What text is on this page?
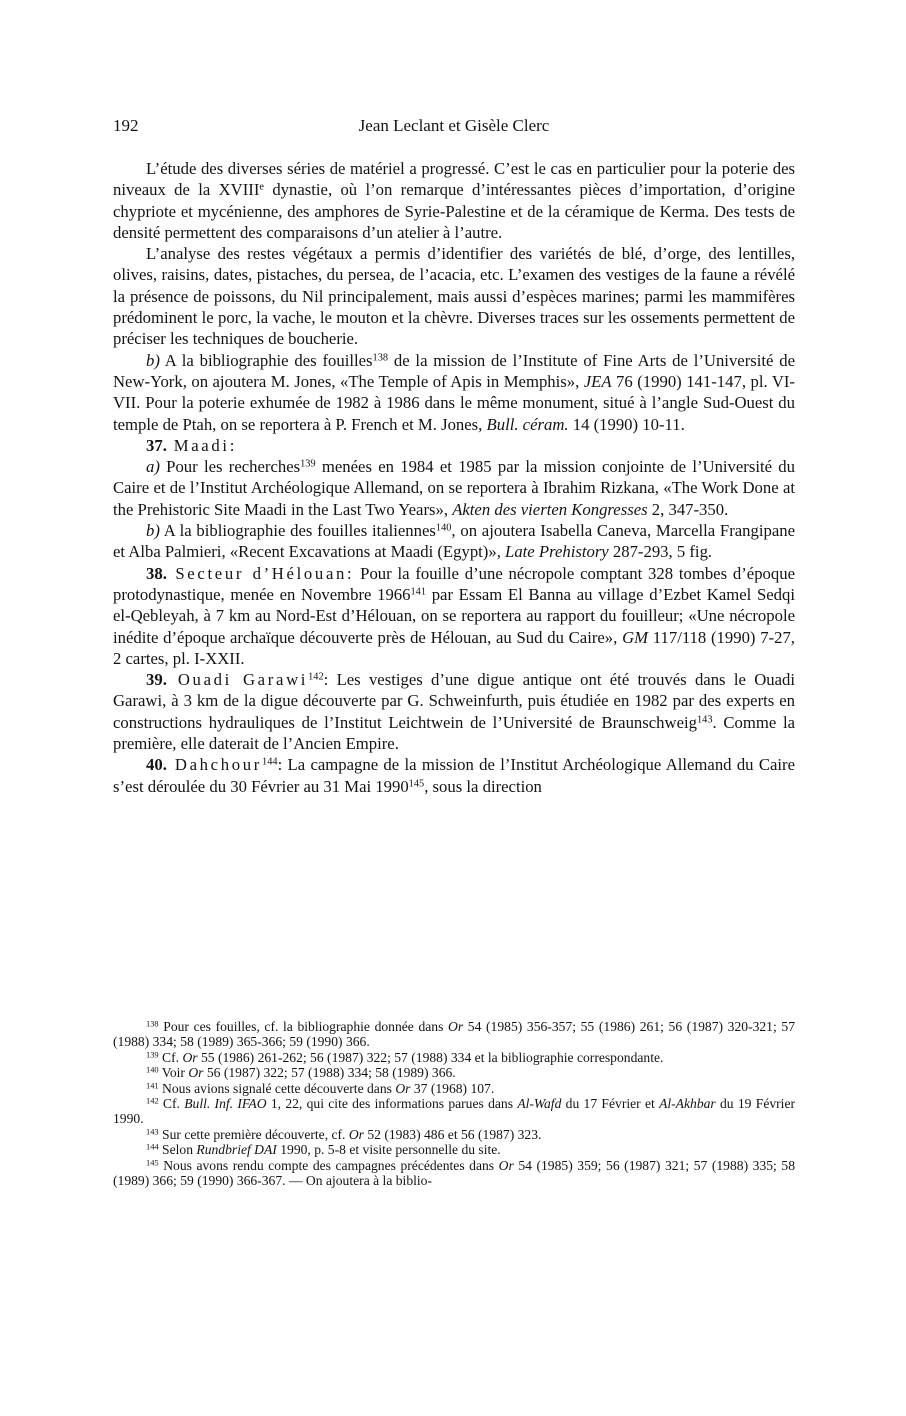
192	Jean Leclant et Gisèle Clerc

L’étude des diverses séries de matériel a progressé. C’est le cas en particulier pour la poterie des niveaux de la XVIIIe dynastie, où l’on remarque d’intéressantes pièces d’importation, d’origine chypriote et mycénienne, des amphores de Syrie-Palestine et de la céramique de Kerma. Des tests de densité permettent des comparaisons d’un atelier à l’autre.

L’analyse des restes végétaux a permis d’identifier des variétés de blé, d’orge, des lentilles, olives, raisins, dates, pistaches, du persea, de l’acacia, etc. L’examen des vestiges de la faune a révélé la présence de poissons, du Nil principalement, mais aussi d’espèces marines; parmi les mammifères prédominent le porc, la vache, le mouton et la chèvre. Diverses traces sur les ossements permettent de préciser les techniques de boucherie.

b) A la bibliographie des fouilles$^{138}$ de la mission de l’Institute of Fine Arts de l’Université de New-York, on ajoutera M. Jones, «The Temple of Apis in Memphis», JEA 76 (1990) 141-147, pl. VI-VII. Pour la poterie exhumée de 1982 à 1986 dans le même monument, situé à l’angle Sud-Ouest du temple de Ptah, on se reportera à P. French et M. Jones, Bull. céram. 14 (1990) 10-11.

37. Maadi:

a) Pour les recherches$^{139}$ menées en 1984 et 1985 par la mission conjointe de l’Université du Caire et de l’Institut Archéologique Allemand, on se reportera à Ibrahim Rizkana, «The Work Done at the Prehistoric Site Maadi in the Last Two Years», Akten des vierten Kongresses 2, 347-350.

b) A la bibliographie des fouilles italiennes$^{140}$, on ajoutera Isabella Caneva, Marcella Frangipane et Alba Palmieri, «Recent Excavations at Maadi (Egypt)», Late Prehistory 287-293, 5 fig.

38. Secteur d’Hélouan: Pour la fouille d’une nécropole comptant 328 tombes d’époque protodynastique, menée en Novembre 1966$^{141}$ par Essam El Banna au village d’Ezbet Kamel Sedqi el-Qebleyah, à 7 km au Nord-Est d’Hélouan, on se reportera au rapport du fouilleur; «Une nécropole inédite d’époque archaïque découverte près de Hélouan, au Sud du Caire», GM 117/118 (1990) 7-27, 2 cartes, pl. I-XXII.

39. Ouadi Garawi$^{142}$: Les vestiges d’une digue antique ont été trouvés dans le Ouadi Garawi, à 3 km de la digue découverte par G. Schweinfurth, puis étudiée en 1982 par des experts en constructions hydrauliques de l’Institut Leichtwein de l’Université de Braunschweig$^{143}$. Comme la première, elle daterait de l’Ancien Empire.

40. Dahchour$^{144}$: La campagne de la mission de l’Institut Archéologique Allemand du Caire s’est déroulée du 30 Février au 31 Mai 1990$^{145}$, sous la direction

$^{138}$ Pour ces fouilles, cf. la bibliographie donnée dans Or 54 (1985) 356-357; 55 (1986) 261; 56 (1987) 320-321; 57 (1988) 334; 58 (1989) 365-366; 59 (1990) 366.

$^{139}$ Cf. Or 55 (1986) 261-262; 56 (1987) 322; 57 (1988) 334 et la bibliographie correspondante.

$^{140}$ Voir Or 56 (1987) 322; 57 (1988) 334; 58 (1989) 366.

$^{141}$ Nous avions signalé cette découverte dans Or 37 (1968) 107.

$^{142}$ Cf. Bull. Inf. IFAO 1, 22, qui cite des informations parues dans Al-Wafd du 17 Février et Al-Akhbar du 19 Février 1990.

$^{143}$ Sur cette première découverte, cf. Or 52 (1983) 486 et 56 (1987) 323.

$^{144}$ Selon Rundbrief DAI 1990, p. 5-8 et visite personnelle du site.

$^{145}$ Nous avons rendu compte des campagnes précédentes dans Or 54 (1985) 359; 56 (1987) 321; 57 (1988) 335; 58 (1989) 366; 59 (1990) 366-367. — On ajoutera à la biblio-
